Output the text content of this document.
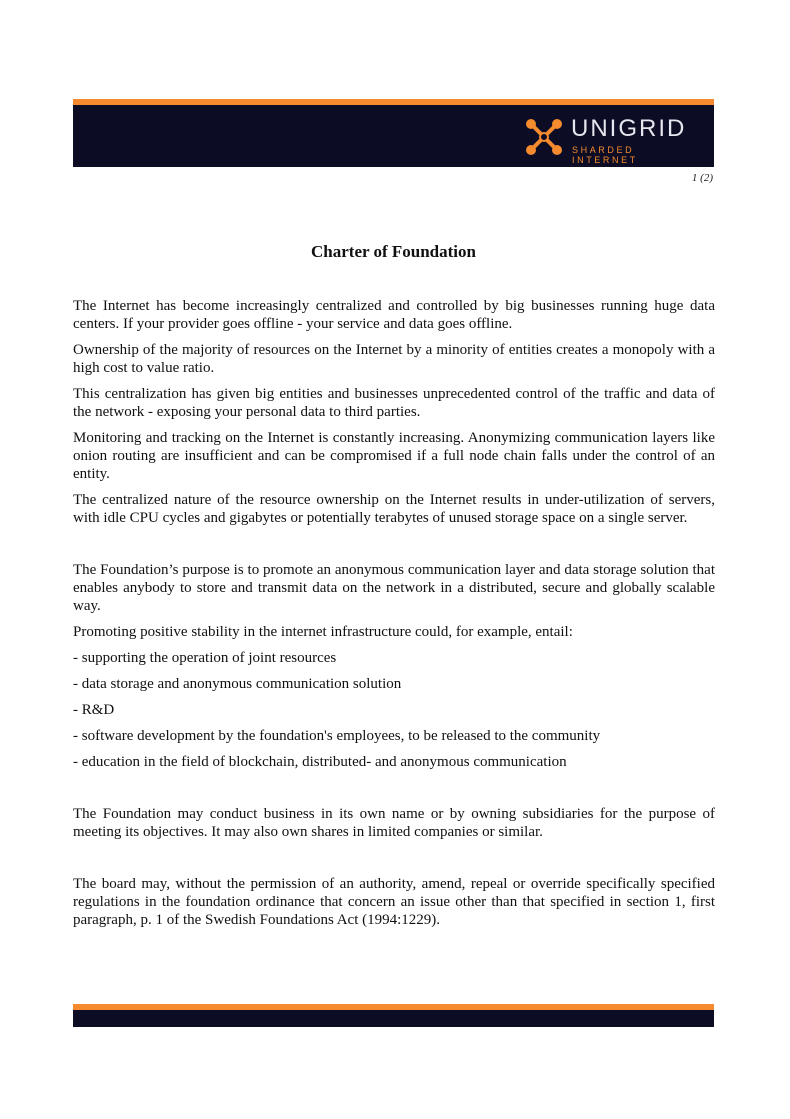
UNIGRID
SHARDED INTERNET
1 (2)
Charter of Foundation

The Internet has become increasingly centralized and controlled by big businesses running huge data centers. If your provider goes offline - your service and data goes offline.

Ownership of the majority of resources on the Internet by a minority of entities creates a monopoly with a high cost to value ratio.

This centralization has given big entities and businesses unprecedented control of the traffic and data of the network - exposing your personal data to third parties.

Monitoring and tracking on the Internet is constantly increasing. Anonymizing communication layers like onion routing are insufficient and can be compromised if a full node chain falls under the control of an entity.

The centralized nature of the resource ownership on the Internet results in under-utilization of servers, with idle CPU cycles and gigabytes or potentially terabytes of unused storage space on a single server.

The Foundation’s purpose is to promote an anonymous communication layer and data storage solution that enables anybody to store and transmit data on the network in a distributed, secure and globally scalable way.

Promoting positive stability in the internet infrastructure could, for example, entail:

- supporting the operation of joint resources

- data storage and anonymous communication solution

- R&D

- software development by the foundation's employees, to be released to the community

- education in the field of blockchain, distributed- and anonymous communication

The Foundation may conduct business in its own name or by owning subsidiaries for the purpose of meeting its objectives. It may also own shares in limited companies or similar.

The board may, without the permission of an authority, amend, repeal or override specifically specified regulations in the foundation ordinance that concern an issue other than that specified in section 1, first paragraph, p. 1 of the Swedish Foundations Act (1994:1229).
